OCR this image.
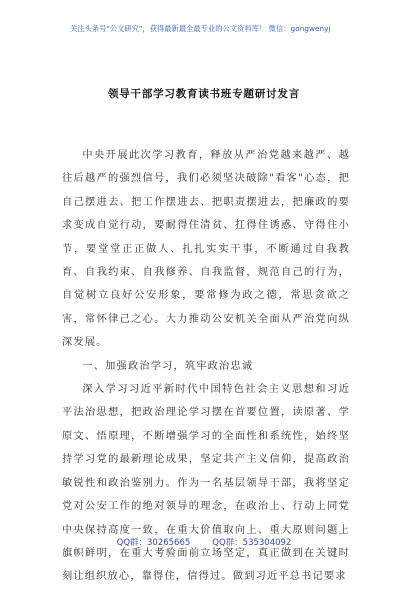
关注头条号"公文研究"，获得最新最全最专业的公文资料库！ 微信：gongwenyj
领导干部学习教育读书班专题研讨发言

中央开展此次学习教育，释放从严治党越来越严、越往后越严的强烈信号，我们必须坚决破除"看客"心态，把自己摆进去、把工作摆进去、把职责摆进去，把廉政的要求变成自觉行动，要耐得住清贫、扛得住诱惑、守得住小节，要堂堂正正做人、扎扎实实干事，不断通过自我教育、自我约束、自我修养、自我监督，规范自己的行为，自觉树立良好公安形象，要常修为政之德，常思贪欲之害，常怀律己之心。大力推动公安机关全面从严治党向纵深发展。

一、加强政治学习，筑牢政治忠诚

深入学习习近平新时代中国特色社会主义思想和习近平法治思想，把政治理论学习摆在首要位置，读原著、学原文、悟原理，不断增强学习的全面性和系统性，始终坚持学习党的最新理论成果，坚定共产主义信仰，提高政治敏锐性和政治鉴别力。作为一名基层领导干部，我将坚定党对公安工作的绝对领导的理念，在政治上、行动上同党中央保持高度一致，在重大价值取向上、重大原则问题上旗帜鲜明，在重大考验面前立场坚定，真正做到在关键时刻让组织放心，靠得住，信得过。做到习近平总书记要求

QQ群：30265665	QQ群：535304092
